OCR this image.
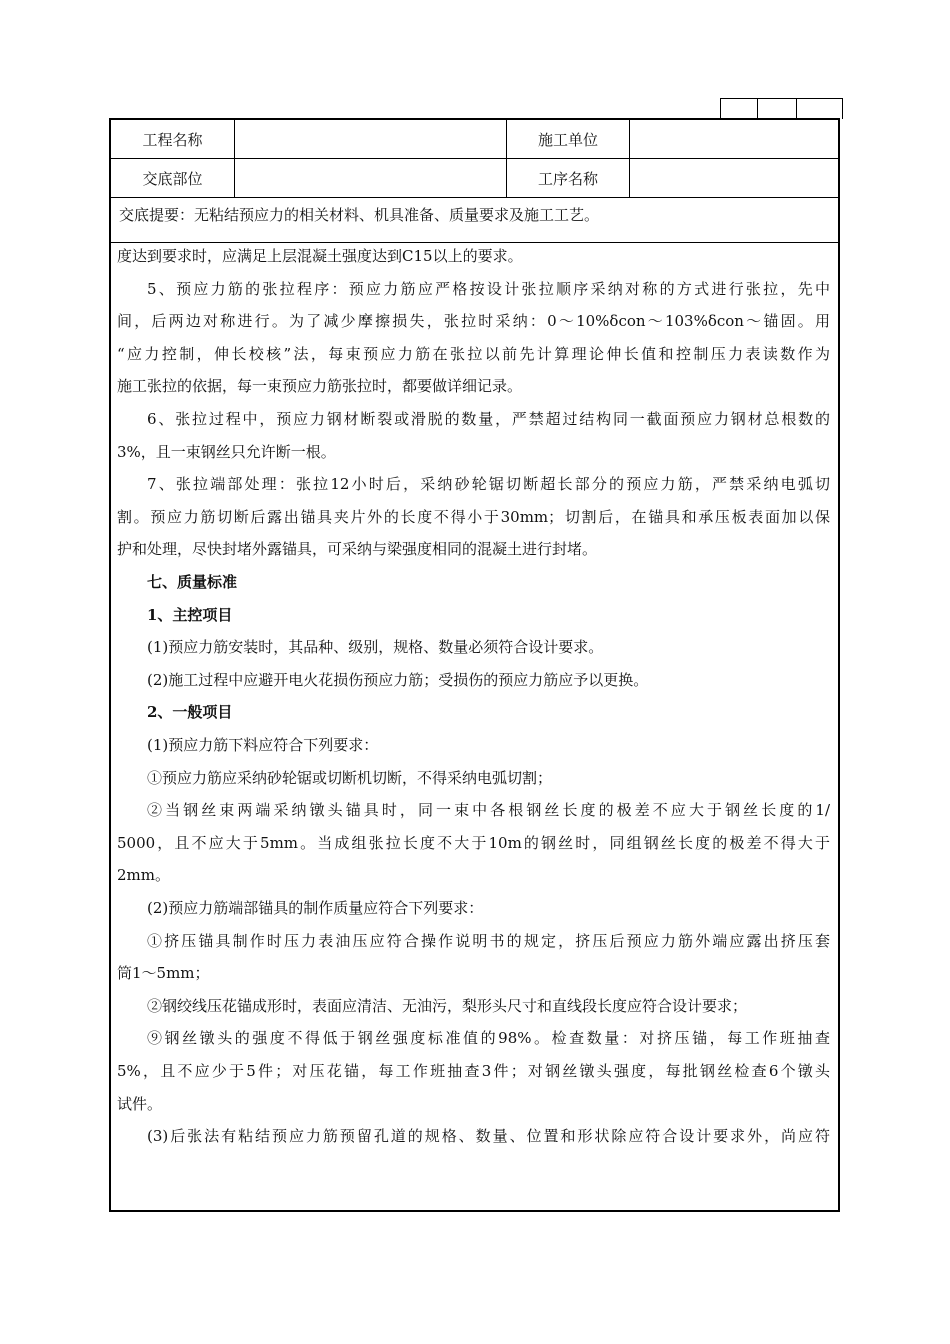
工程名称	施工单位
交底部位	工序名称
交底提要：无粘结预应力的相关材料、机具准备、质量要求及施工工艺。
度达到要求时，应满足上层混凝土强度达到C15以上的要求。
5、预应力筋的张拉程序：预应力筋应严格按设计张拉顺序采纳对称的方式进行张拉，先中
间，后两边对称进行。为了减少摩擦损失，张拉时采纳：0～10%δcon～103%δcon～锚固。用
“应力控制，伸长校核”法，每束预应力筋在张拉以前先计算理论伸长值和控制压力表读数作为
施工张拉的依据，每一束预应力筋张拉时，都要做详细记录。
6、张拉过程中，预应力钢材断裂或滑脱的数量，严禁超过结构同一截面预应力钢材总根数的
3%，且一束钢丝只允许断一根。
7、张拉端部处理：张拉12小时后，采纳砂轮锯切断超长部分的预应力筋，严禁采纳电弧切
割。预应力筋切断后露出锚具夹片外的长度不得小于30mm；切割后，在锚具和承压板表面加以保
护和处理，尽快封堵外露锚具，可采纳与梁强度相同的混凝土进行封堵。
七、质量标准
1、主控项目
(1)预应力筋安装时，其品种、级别，规格、数量必须符合设计要求。
(2)施工过程中应避开电火花损伤预应力筋；受损伤的预应力筋应予以更换。
2、一般项目
(1)预应力筋下料应符合下列要求：
①预应力筋应采纳砂轮锯或切断机切断，不得采纳电弧切割；
②当钢丝束两端采纳镦头锚具时，同一束中各根钢丝长度的极差不应大于钢丝长度的1/
5000，且不应大于5mm。当成组张拉长度不大于10m的钢丝时，同组钢丝长度的极差不得大于
2mm。
(2)预应力筋端部锚具的制作质量应符合下列要求：
①挤压锚具制作时压力表油压应符合操作说明书的规定，挤压后预应力筋外端应露出挤压套
筒1～5mm；
②钢绞线压花锚成形时，表面应清洁、无油污，梨形头尺寸和直线段长度应符合设计要求；
⑨钢丝镦头的强度不得低于钢丝强度标准值的98%。检查数量：对挤压锚，每工作班抽查
5%，且不应少于5件；对压花锚，每工作班抽查3件；对钢丝镦头强度，每批钢丝检查6个镦头
试件。
(3)后张法有粘结预应力筋预留孔道的规格、数量、位置和形状除应符合设计要求外，尚应符
